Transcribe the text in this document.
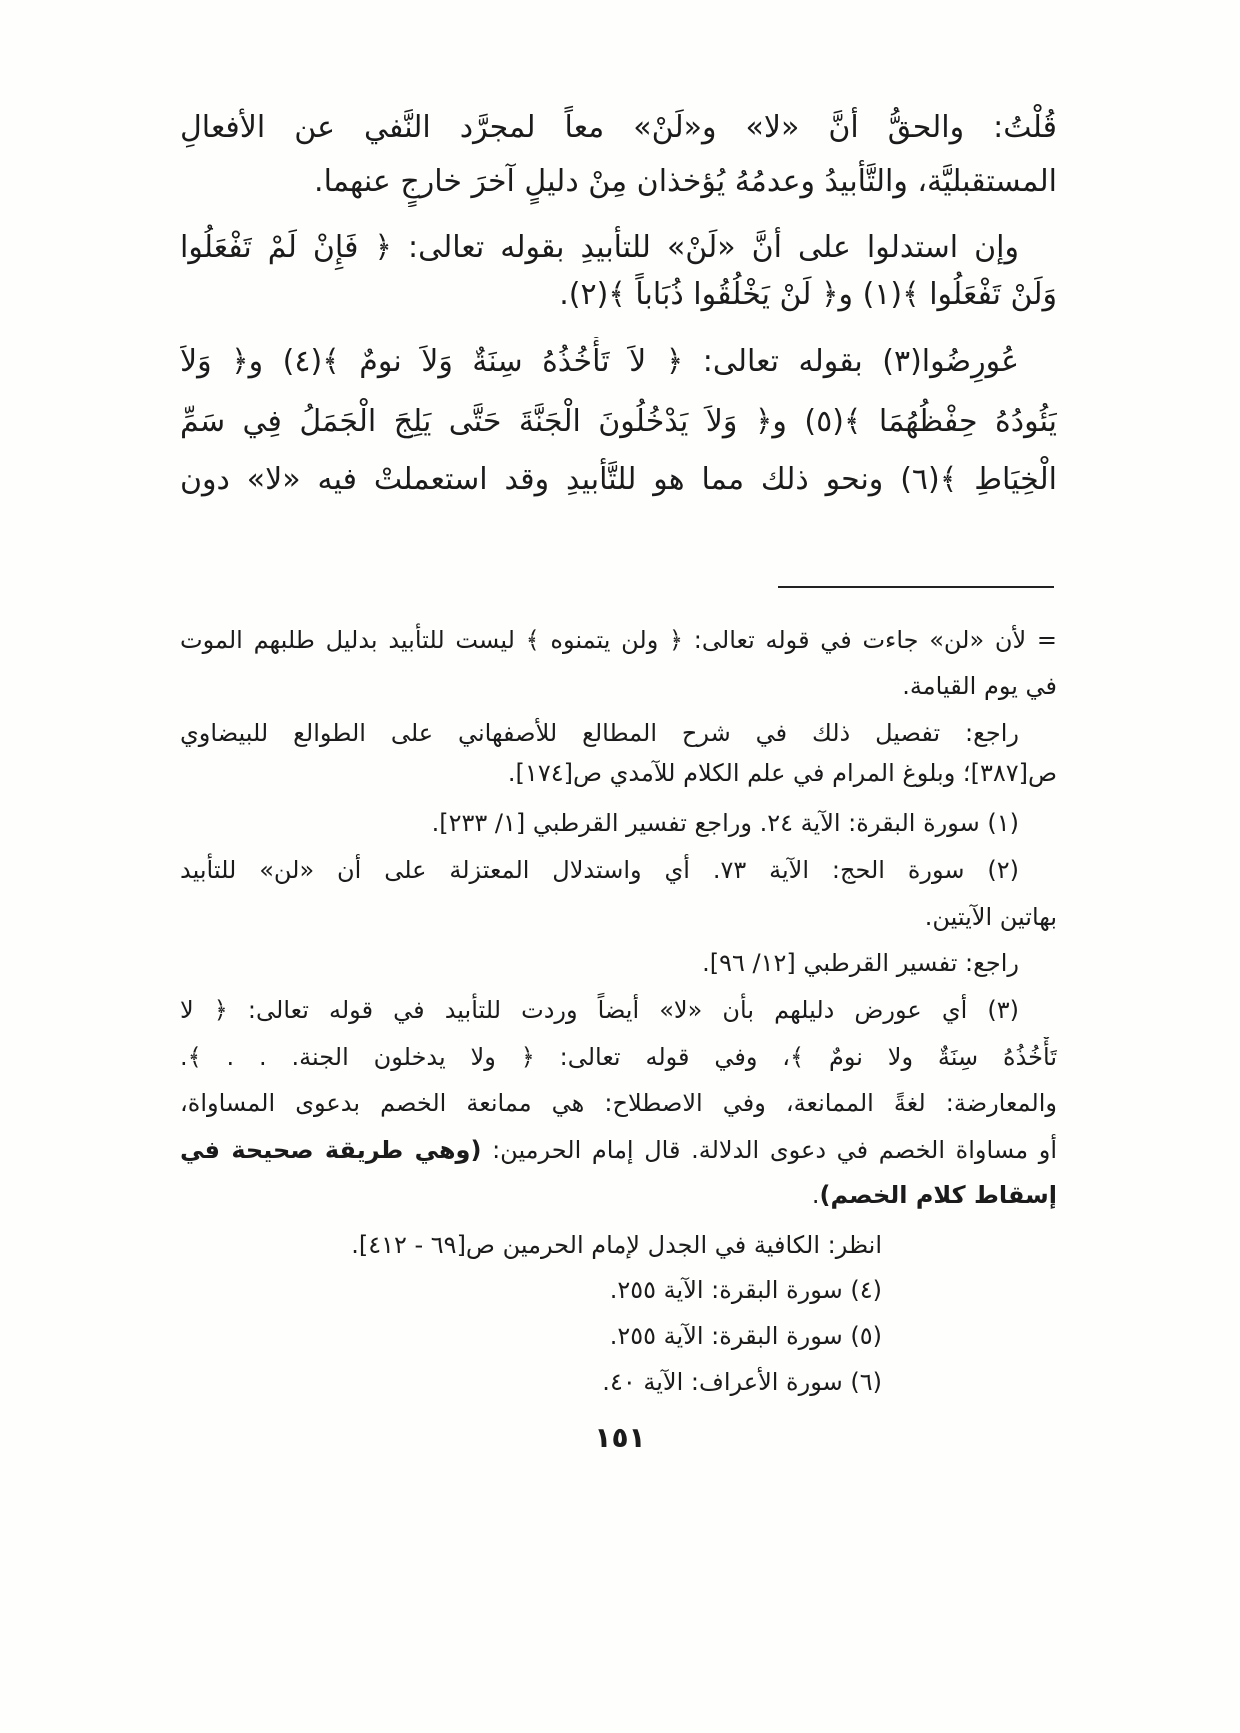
قُلْتُ: والحقُّ أنَّ «لا» و«لَنْ» معاً لمجرَّد النَّفي عن الأفعالِ
المستقبليَّة، والتَّأبيدُ وعدمُهُ يُؤخذان مِنْ دليلٍ آخرَ خارجٍ عنهما.
وإن استدلوا على أنَّ «لَنْ» للتأبيدِ بقوله تعالى: ﴿ فَإِنْ لَمْ تَفْعَلُوا
وَلَنْ تَفْعَلُوا ﴾(١) و﴿ لَنْ يَخْلُقُوا ذُبَاباً ﴾(٢).
عُورِضُوا(٣) بقوله تعالى: ﴿ لاَ تَأْخُذُهُ سِنَةٌ وَلاَ نومٌ ﴾(٤) و﴿ وَلاَ
يَئُودُهُ حِفْظُهُمَا ﴾(٥) و﴿ وَلاَ يَدْخُلُونَ الْجَنَّةَ حَتَّى يَلِجَ الْجَمَلُ فِي سَمِّ
الْخِيَاطِ ﴾(٦) ونحو ذلك مما هو للتَّأبيدِ وقد استعملتْ فيه «لا» دون
= لأن «لن» جاءت في قوله تعالى: ﴿ ولن يتمنوه ﴾ ليست للتأبيد بدليل طلبهم الموت
في يوم القيامة.
راجع: تفصيل ذلك في شرح المطالع للأصفهاني على الطوالع للبيضاوي
ص[٣٨٧]؛ وبلوغ المرام في علم الكلام للآمدي ص[١٧٤].
(١) سورة البقرة: الآية ٢٤. وراجع تفسير القرطبي [١/ ٢٣٣].
(٢) سورة الحج: الآية ٧٣. أي واستدلال المعتزلة على أن «لن» للتأبيد
بهاتين الآيتين.
راجع: تفسير القرطبي [١٢/ ٩٦].
(٣) أي عورض دليلهم بأن «لا» أيضاً وردت للتأبيد في قوله تعالى: ﴿ لا
تَأْخُذُهُ سِنَةٌ ولا نومٌ ﴾، وفي قوله تعالى: ﴿ ولا يدخلون الجنة. . . ﴾.
والمعارضة: لغةً الممانعة، وفي الاصطلاح: هي ممانعة الخصم بدعوى المساواة،
أو مساواة الخصم في دعوى الدلالة. قال إمام الحرمين: (وهي طريقة صحيحة في
إسقاط كلام الخصم).
انظر: الكافية في الجدل لإمام الحرمين ص[٦٩ - ٤١٢].
(٤) سورة البقرة: الآية ٢٥٥.
(٥) سورة البقرة: الآية ٢٥٥.
(٦) سورة الأعراف: الآية ٤٠.
١٥١
